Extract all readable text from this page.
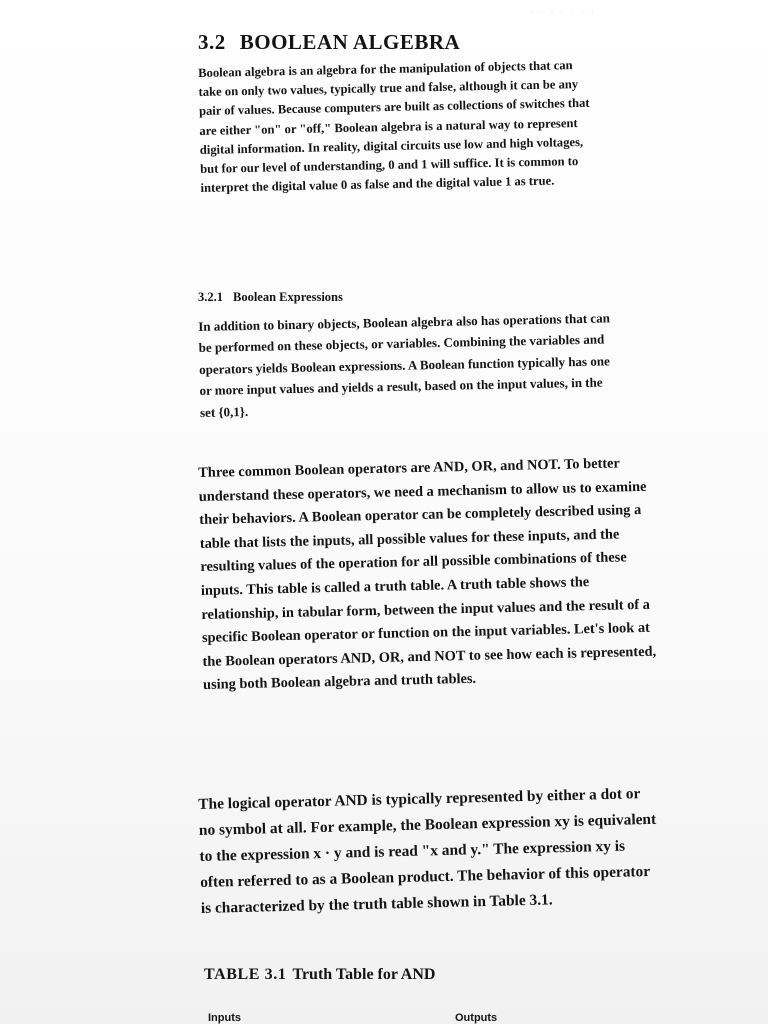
· · · · · · ·
3.2 BOOLEAN ALGEBRA

Boolean algebra is an algebra for the manipulation of objects that can take on only two values, typically true and false, although it can be any pair of values. Because computers are built as collections of switches that are either "on" or "off," Boolean algebra is a natural way to represent digital information. In reality, digital circuits use low and high voltages, but for our level of understanding, 0 and 1 will suffice. It is common to interpret the digital value 0 as false and the digital value 1 as true.

3.2.1 Boolean Expressions

In addition to binary objects, Boolean algebra also has operations that can be performed on these objects, or variables. Combining the variables and operators yields Boolean expressions. A Boolean function typically has one or more input values and yields a result, based on the input values, in the set {0,1}.

Three common Boolean operators are AND, OR, and NOT. To better understand these operators, we need a mechanism to allow us to examine their behaviors. A Boolean operator can be completely described using a table that lists the inputs, all possible values for these inputs, and the resulting values of the operation for all possible combinations of these inputs. This table is called a truth table. A truth table shows the relationship, in tabular form, between the input values and the result of a specific Boolean operator or function on the input variables. Let's look at the Boolean operators AND, OR, and NOT to see how each is represented, using both Boolean algebra and truth tables.

The logical operator AND is typically represented by either a dot or no symbol at all. For example, the Boolean expression xy is equivalent to the expression x · y and is read "x and y." The expression xy is often referred to as a Boolean product. The behavior of this operator is characterized by the truth table shown in Table 3.1.

TABLE 3.1 Truth Table for AND

Inputs	Outputs
